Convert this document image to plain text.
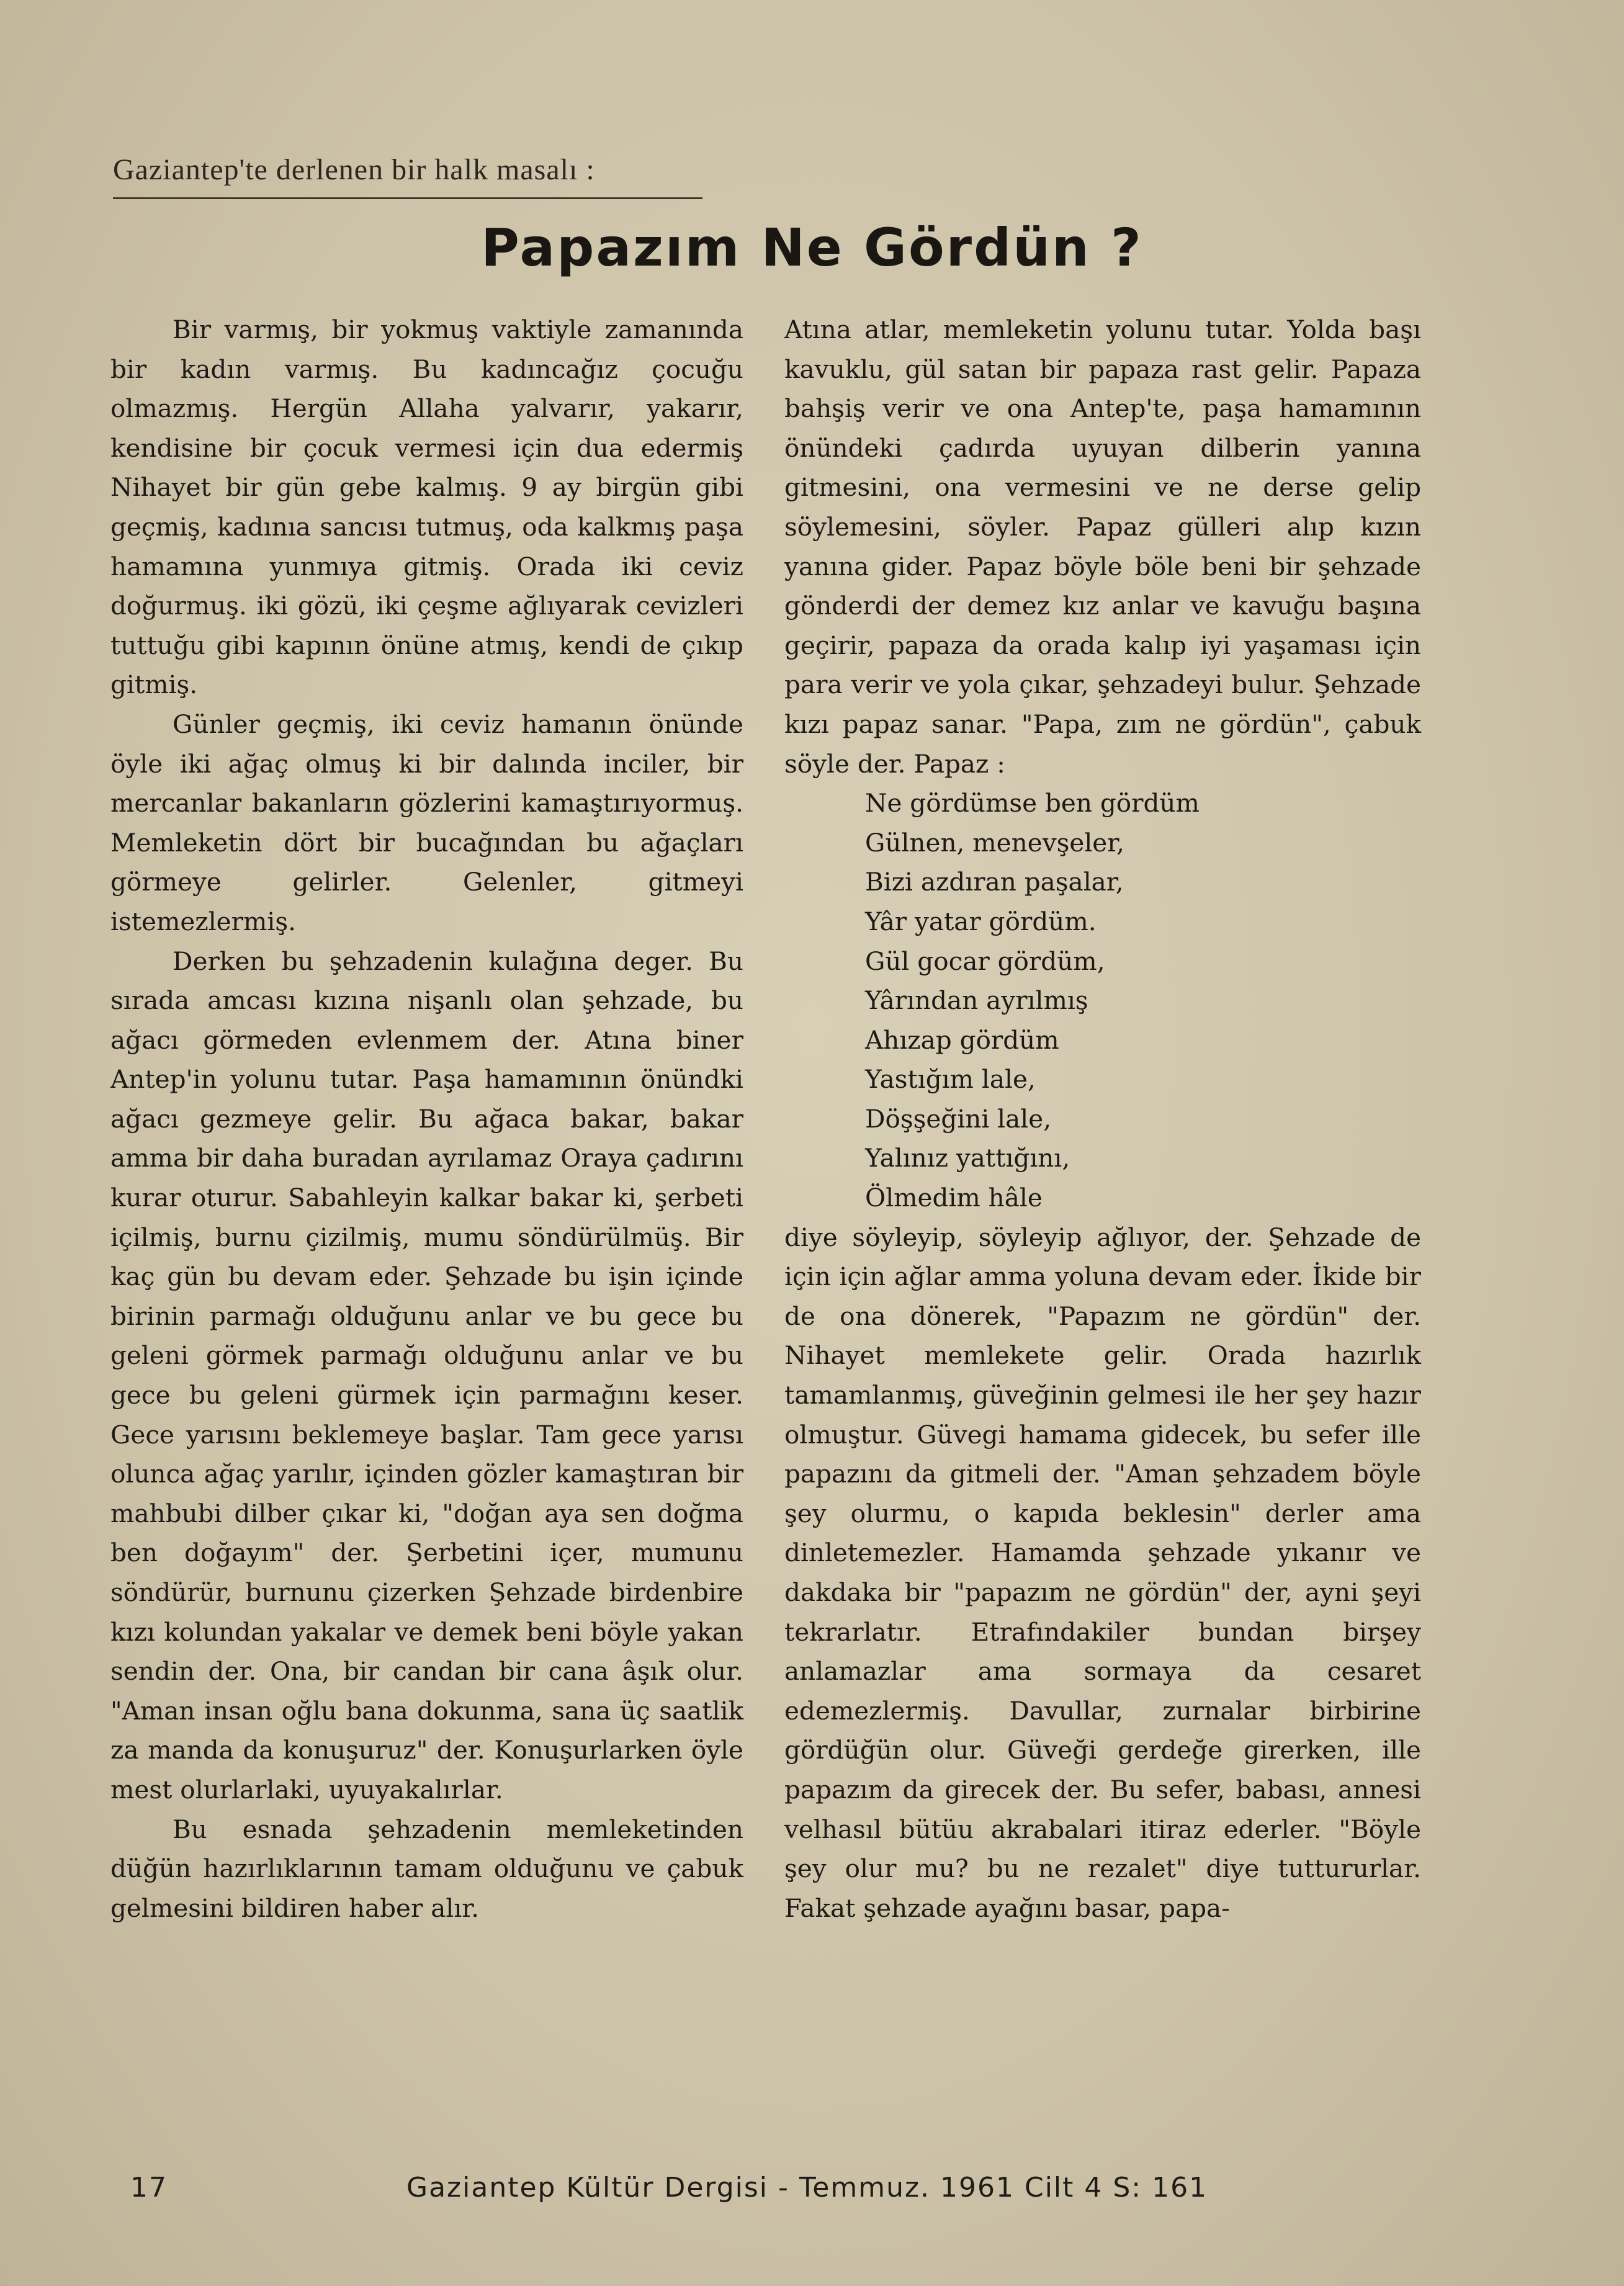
Gaziantep'te derlenen bir halk masalı :
Papazım Ne Gördün ?

Bir varmış, bir yokmuş vaktiyle zamanında bir kadın varmış. Bu kadıncağız çocuğu olmazmış. Hergün Allaha yalvarır, yakarır, kendisine bir çocuk vermesi için dua edermiş Nihayet bir gün gebe kalmış. 9 ay birgün gibi geçmiş, kadınıa sancısı tutmuş, oda kalkmış paşa hamamına yunmıya gitmiş. Orada iki ceviz doğurmuş. iki gözü, iki çeşme ağlıyarak cevizleri tuttuğu gibi kapının önüne atmış, kendi de çıkıp gitmiş.

Günler geçmiş, iki ceviz hamanın önünde öyle iki ağaç olmuş ki bir dalında inciler, bir mercanlar bakanların gözlerini kamaştırıyormuş. Memleketin dört bir bucağından bu ağaçları görmeye gelirler. Gelenler, gitmeyi istemezlermiş.

Derken bu şehzadenin kulağına deger. Bu sırada amcası kızına nişanlı olan şehzade, bu ağacı görmeden evlenmem der. Atına biner Antep'in yolunu tutar. Paşa hamamının önündki ağacı gezmeye gelir. Bu ağaca bakar, bakar amma bir daha buradan ayrılamaz Oraya çadırını kurar oturur. Sabahleyin kalkar bakar ki, şerbeti içilmiş, burnu çizilmiş, mumu söndürülmüş. Bir kaç gün bu devam eder. Şehzade bu işin içinde birinin parmağı olduğunu anlar ve bu gece bu geleni görmek parmağı olduğunu anlar ve bu gece bu geleni gürmek için parmağını keser. Gece yarısını beklemeye başlar. Tam gece yarısı olunca ağaç yarılır, içinden gözler kamaştıran bir mahbubi dilber çıkar ki, "doğan aya sen doğma ben doğayım" der. Şerbetini içer, mumunu söndürür, burnunu çizerken Şehzade birdenbire kızı kolundan yakalar ve demek beni böyle yakan sendin der. Ona, bir candan bir cana âşık olur. "Aman insan oğlu bana dokunma, sana üç saatlik za manda da konuşuruz" der. Konuşurlarken öyle mest olurlarlaki, uyuyakalırlar.

Bu esnada şehzadenin memleketinden düğün hazırlıklarının tamam olduğunu ve çabuk gelmesini bildiren haber alır.

Atına atlar, memleketin yolunu tutar. Yolda başı kavuklu, gül satan bir papaza rast gelir. Papaza bahşiş verir ve ona Antep'te, paşa hamamının önündeki çadırda uyuyan dilberin yanına gitmesini, ona vermesini ve ne derse gelip söylemesini, söyler. Papaz gülleri alıp kızın yanına gider. Papaz böyle böle beni bir şehzade gönderdi der demez kız anlar ve kavuğu başına geçirir, papaza da orada kalıp iyi yaşaması için para verir ve yola çıkar, şehzadeyi bulur. Şehzade kızı papaz sanar. "Papa, zım ne gördün", çabuk söyle der. Papaz :

Ne gördümse ben gördüm
Gülnen, menevşeler,
Bizi azdıran paşalar,
Yâr yatar gördüm.
Gül gocar gördüm,
Yârından ayrılmış
Ahızap gördüm
Yastığım lale,
Döşşeğini lale,
Yalınız yattığını,
Ölmedim hâle

diye söyleyip, söyleyip ağlıyor, der. Şehzade de için için ağlar amma yoluna devam eder. İkide bir de ona dönerek, "Papazım ne gördün" der. Nihayet memlekete gelir. Orada hazırlık tamamlanmış, güveğinin gelmesi ile her şey hazır olmuştur. Güvegi hamama gidecek, bu sefer ille papazını da gitmeli der. "Aman şehzadem böyle şey olurmu, o kapıda beklesin" derler ama dinletemezler. Hamamda şehzade yıkanır ve dakdaka bir "papazım ne gördün" der, ayni şeyi tekrarlatır. Etrafındakiler bundan birşey anlamazlar ama sormaya da cesaret edemezlermiş. Davullar, zurnalar birbirine gördüğün olur. Güveği gerdeğe girerken, ille papazım da girecek der. Bu sefer, babası, annesi velhasıl bütüu akrabalari itiraz ederler. "Böyle şey olur mu? bu ne rezalet" diye tuttururlar. Fakat şehzade ayağını basar, papa-

17	Gaziantep Kültür Dergisi - Temmuz. 1961 Cilt 4 S: 161
